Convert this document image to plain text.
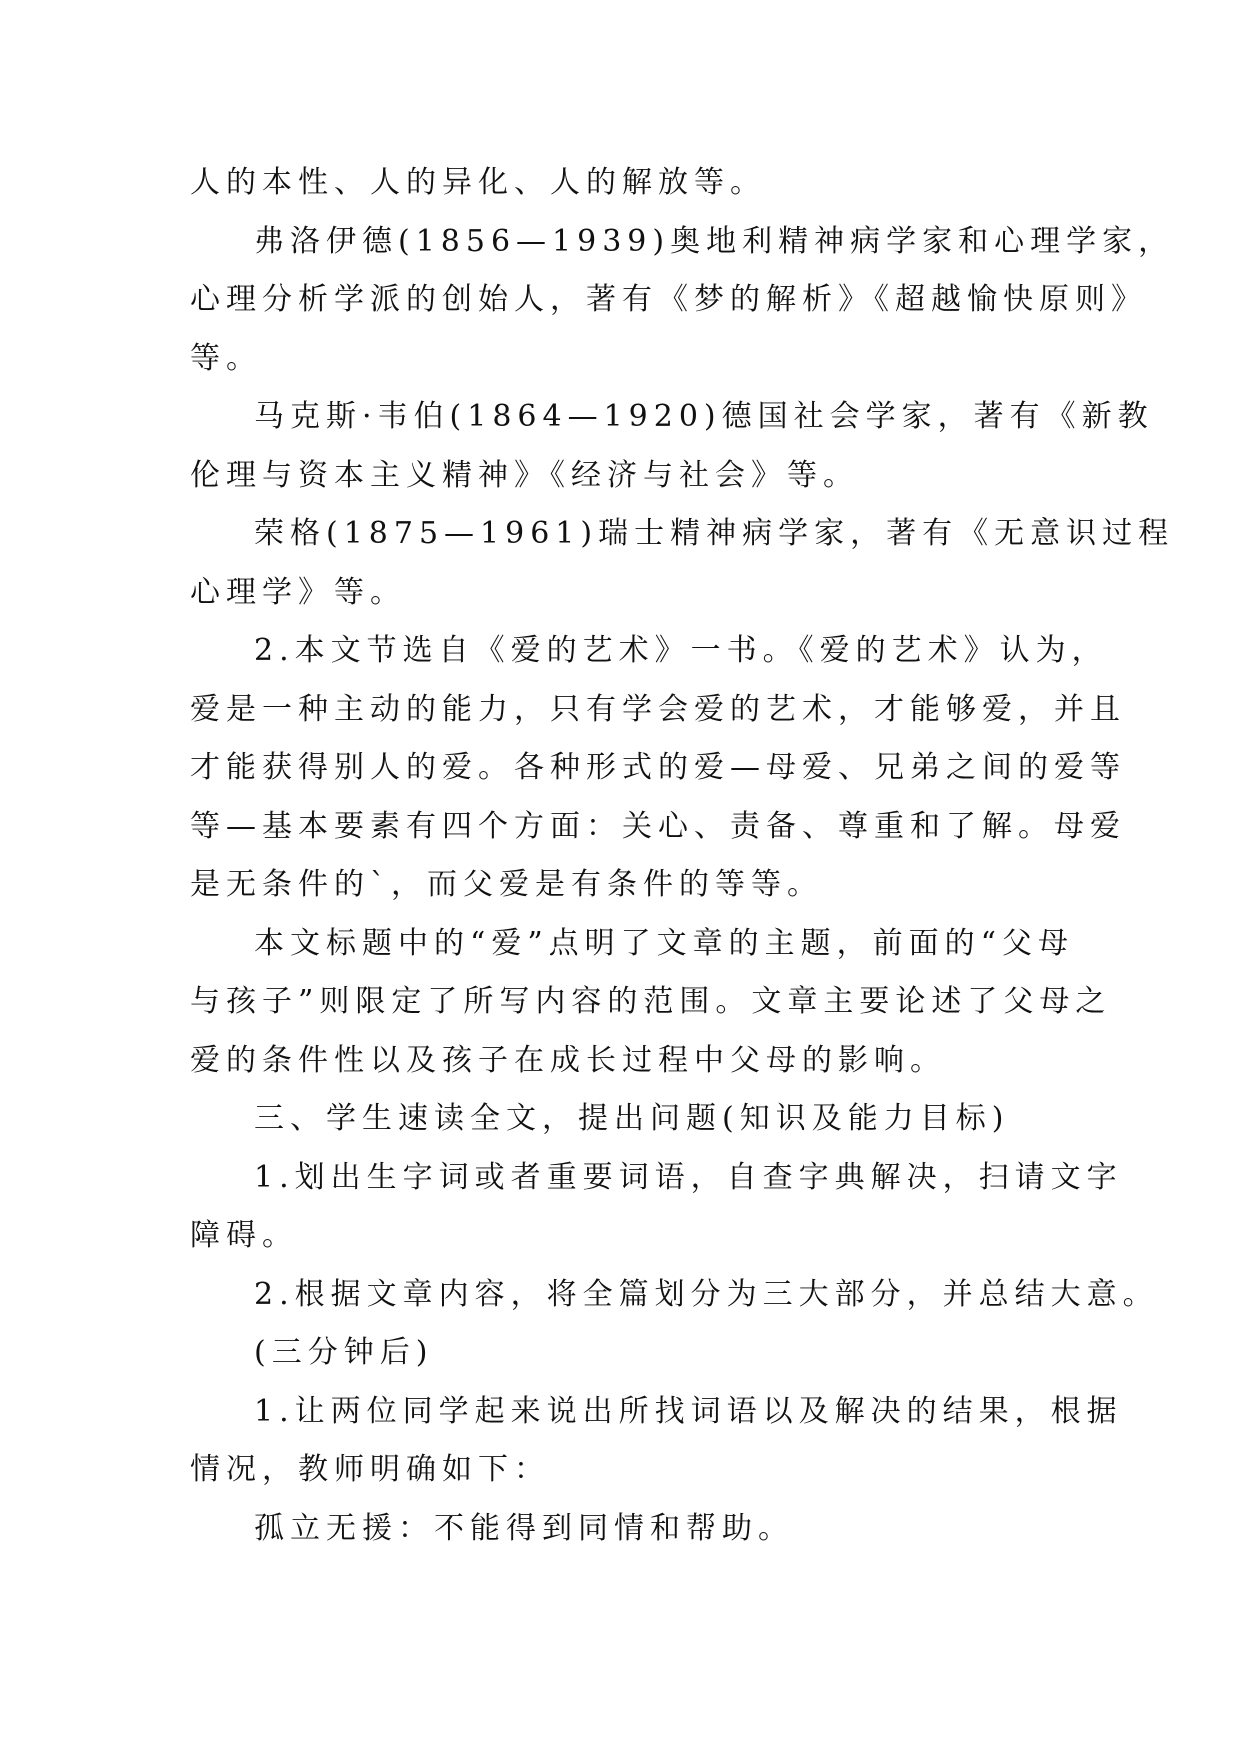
人的本性、人的异化、人的解放等。
弗洛伊德(1856—1939)奥地利精神病学家和心理学家，
心理分析学派的创始人，著有《梦的解析》《超越愉快原则》
等。
马克斯·韦伯(1864—1920)德国社会学家，著有《新教
伦理与资本主义精神》《经济与社会》等。
荣格(1875—1961)瑞士精神病学家，著有《无意识过程
心理学》等。
2.本文节选自《爱的艺术》一书。《爱的艺术》认为，
爱是一种主动的能力，只有学会爱的艺术，才能够爱，并且
才能获得别人的爱。各种形式的爱—母爱、兄弟之间的爱等
等—基本要素有四个方面：关心、责备、尊重和了解。母爱
是无条件的`，而父爱是有条件的等等。
本文标题中的“爱”点明了文章的主题，前面的“父母
与孩子”则限定了所写内容的范围。文章主要论述了父母之
爱的条件性以及孩子在成长过程中父母的影响。
三、学生速读全文，提出问题(知识及能力目标)
1.划出生字词或者重要词语，自查字典解决，扫请文字
障碍。
2.根据文章内容，将全篇划分为三大部分，并总结大意。
(三分钟后)
1.让两位同学起来说出所找词语以及解决的结果，根据
情况，教师明确如下：
孤立无援：不能得到同情和帮助。
